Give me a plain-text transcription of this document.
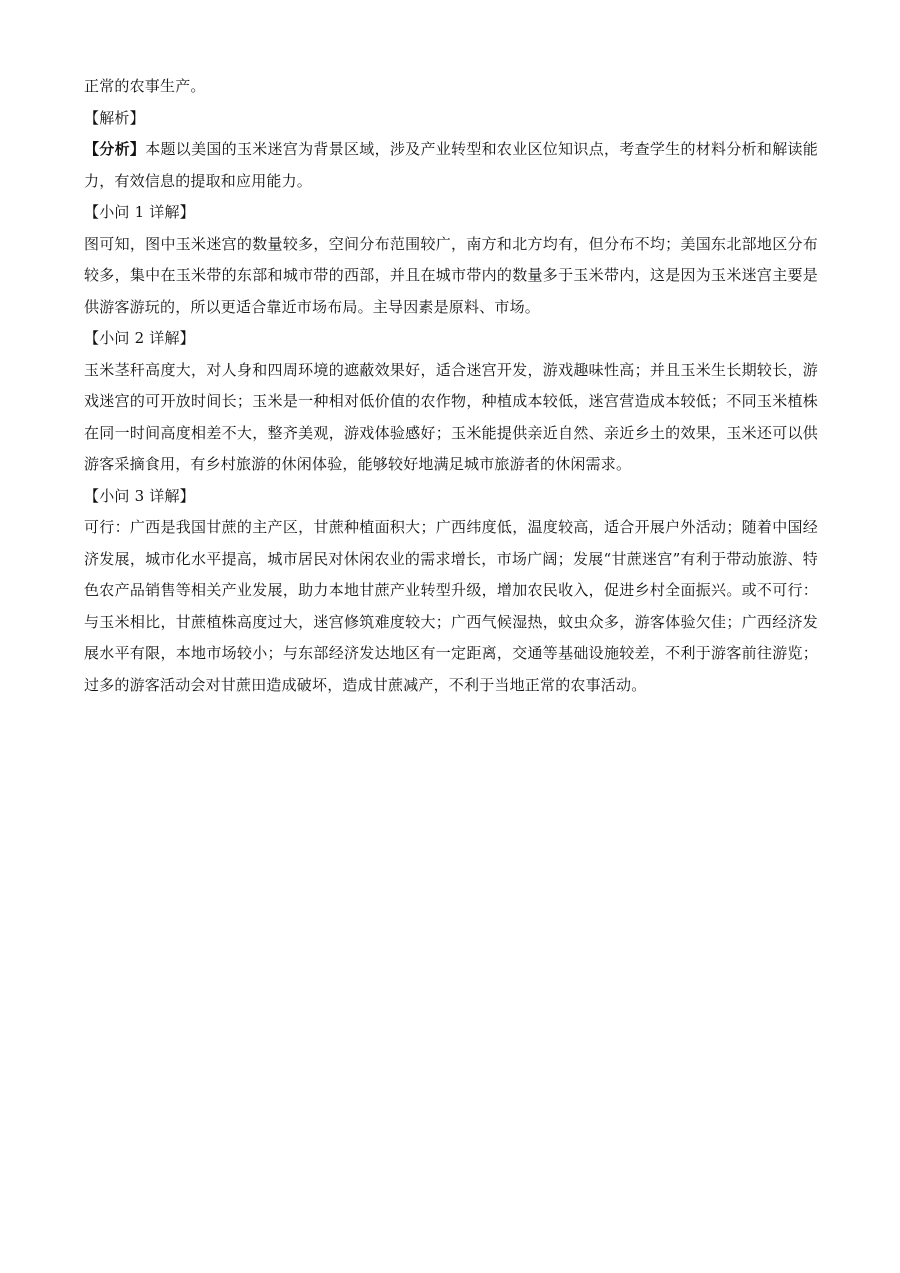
正常的农事生产。

【解析】

【分析】本题以美国的玉米迷宫为背景区域，涉及产业转型和农业区位知识点，考查学生的材料分析和解读能力，有效信息的提取和应用能力。

【小问 1 详解】

图可知，图中玉米迷宫的数量较多，空间分布范围较广，南方和北方均有，但分布不均；美国东北部地区分布较多，集中在玉米带的东部和城市带的西部，并且在城市带内的数量多于玉米带内，这是因为玉米迷宫主要是供游客游玩的，所以更适合靠近市场布局。主导因素是原料、市场。

【小问 2 详解】

玉米茎秆高度大，对人身和四周环境的遮蔽效果好，适合迷宫开发，游戏趣味性高；并且玉米生长期较长，游戏迷宫的可开放时间长；玉米是一种相对低价值的农作物，种植成本较低，迷宫营造成本较低；不同玉米植株在同一时间高度相差不大，整齐美观，游戏体验感好；玉米能提供亲近自然、亲近乡土的效果，玉米还可以供游客采摘食用，有乡村旅游的休闲体验，能够较好地满足城市旅游者的休闲需求。

【小问 3 详解】

可行：广西是我国甘蔗的主产区，甘蔗种植面积大；广西纬度低，温度较高，适合开展户外活动；随着中国经济发展，城市化水平提高，城市居民对休闲农业的需求增长，市场广阔；发展“甘蔗迷宫”有利于带动旅游、特色农产品销售等相关产业发展，助力本地甘蔗产业转型升级，增加农民收入，促进乡村全面振兴。或不可行：与玉米相比，甘蔗植株高度过大，迷宫修筑难度较大；广西气候湿热，蚊虫众多，游客体验欠佳；广西经济发展水平有限，本地市场较小；与东部经济发达地区有一定距离，交通等基础设施较差，不利于游客前往游览；过多的游客活动会对甘蔗田造成破坏，造成甘蔗减产，不利于当地正常的农事活动。
